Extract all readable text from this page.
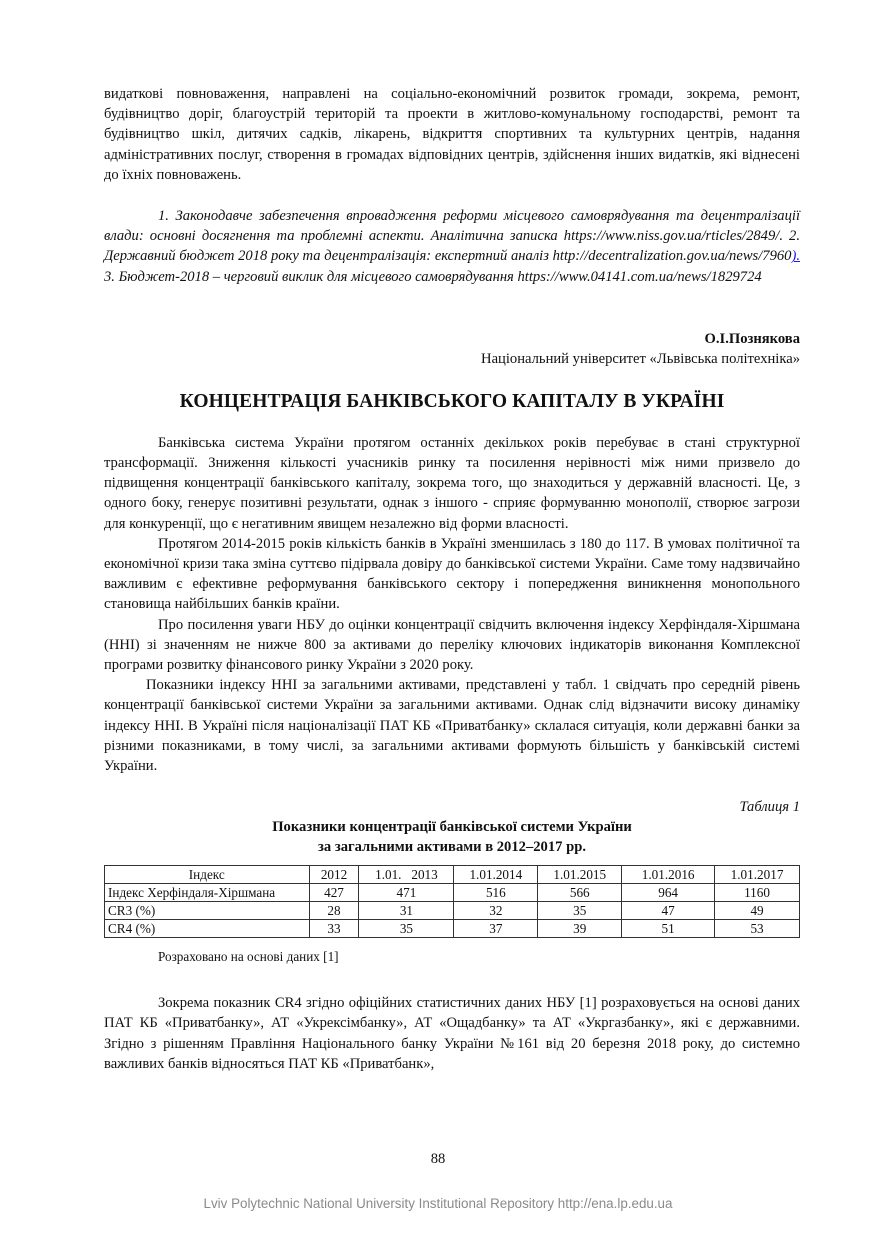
видаткові повноваження, направлені на соціально-економічний розвиток громади, зокрема, ремонт, будівництво доріг, благоустрій територій та проекти в житлово-комунальному господарстві, ремонт та будівництво шкіл, дитячих садків, лікарень, відкриття спортивних та культурних центрів, надання адміністративних послуг, створення в громадах відповідних центрів, здійснення інших видатків, які віднесені до їхніх повноважень.

1. Законодавче забезпечення впровадження реформи місцевого самоврядування та децентралізації влади: основні досягнення та проблемні аспекти. Аналітична записка https://www.niss.gov.ua/rticles/2849/. 2. Державний бюджет 2018 року та децентралізація: експертний аналіз http://decentralization.gov.ua/news/7960). 3. Бюджет-2018 – черговий виклик для місцевого самоврядування https://www.04141.com.ua/news/1829724

О.І.Познякова
Національний університет «Львівська політехніка»
КОНЦЕНТРАЦІЯ БАНКІВСЬКОГО КАПІТАЛУ В УКРАЇНІ

Банківська система України протягом останніх декількох років перебуває в стані структурної трансформації. Зниження кількості учасників ринку та посилення нерівності між ними призвело до підвищення концентрації банківського капіталу, зокрема того, що знаходиться у державній власності. Це, з одного боку, генерує позитивні результати, однак з іншого - сприяє формуванню монополії, створює загрози для конкуренції, що є негативним явищем незалежно від форми власності.

Протягом 2014-2015 років кількість банків в Україні зменшилась з 180 до 117. В умовах політичної та економічної кризи така зміна суттєво підірвала довіру до банківської системи України. Саме тому надзвичайно важливим є ефективне реформування банківського сектору і попередження виникнення монопольного становища найбільших банків країни.

Про посилення уваги НБУ до оцінки концентрації свідчить включення індексу Херфіндаля-Хіршмана (ННІ) зі значенням не нижче 800 за активами до переліку ключових індикаторів виконання Комплексної програми розвитку фінансового ринку України з 2020 року.

Показники індексу ННІ за загальними активами, представлені у табл. 1 свідчать про середній рівень концентрації банківської системи України за загальними активами. Однак слід відзначити високу динаміку індексу ННІ. В Україні після націоналізації ПАТ КБ «Приватбанку» склалася ситуація, коли державні банки за різними показниками, в тому числі, за загальними активами формують більшість у банківській системі України.

Таблиця 1
Показники концентрації банківської системи України
за загальними активами в 2012–2017 рр.
Індекс	2012	1.01.   2013	1.01.2014	1.01.2015	1.01.2016	1.01.2017
Індекс Херфіндаля-Хіршмана	427	471	516	566	964	1160
CR3 (%)	28	31	32	35	47	49
CR4 (%)	33	35	37	39	51	53
Розраховано на основі даних [1]

Зокрема показник CR4 згідно офіційних статистичних даних НБУ [1] розраховується на основі даних ПАТ КБ «Приватбанку», АТ «Укрексімбанку», АТ «Ощадбанку» та АТ «Укргазбанку», які є державними. Згідно з рішенням Правління Національного банку України №161 від 20 березня 2018 року, до системно важливих банків відносяться ПАТ КБ «Приватбанк»,

88
Lviv Polytechnic National University Institutional Repository http://ena.lp.edu.ua
